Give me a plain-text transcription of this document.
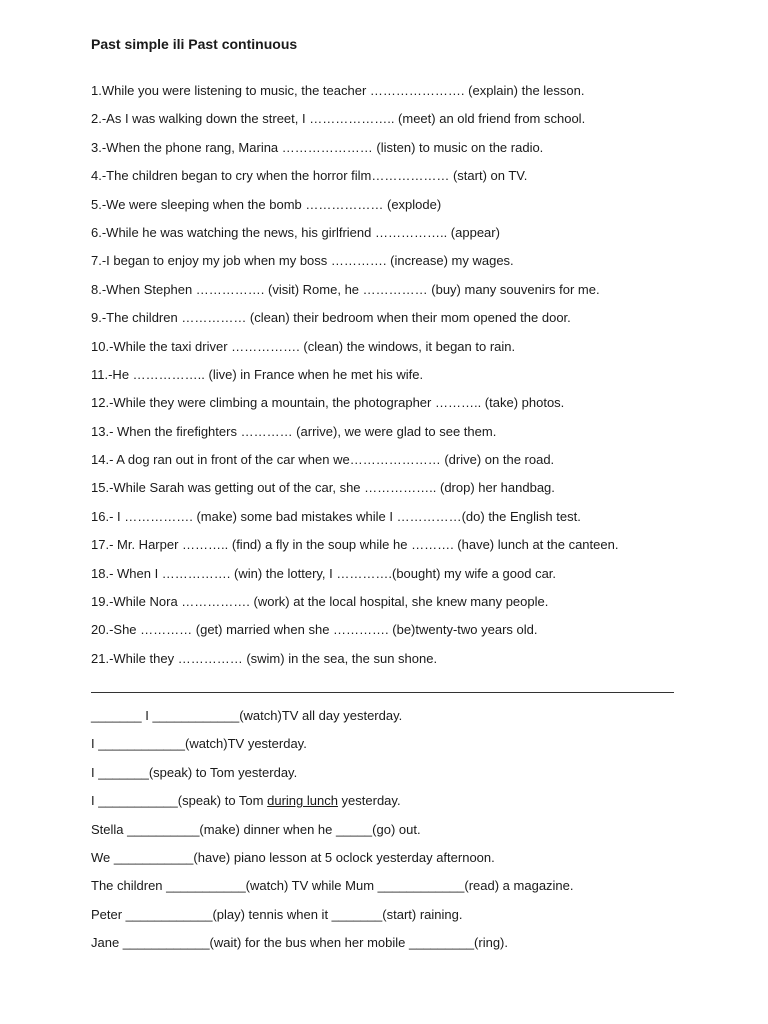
Past simple ili Past continuous
1.While you were listening to music, the teacher …………………. (explain) the lesson.
2.-As I was walking down the street, I ……………….. (meet) an old friend from school.
3.-When the phone rang, Marina ………………… (listen) to music on the radio.
4.-The children began to cry when the horror film……………… (start) on TV.
5.-We were sleeping when the bomb ……………… (explode)
6.-While he was watching the news, his girlfriend …………….. (appear)
7.-I began to enjoy my job when my boss …………. (increase) my wages.
8.-When Stephen ……………. (visit) Rome, he …………… (buy) many souvenirs for me.
9.-The children …………… (clean) their bedroom when their mom opened the door.
10.-While the taxi driver ……………. (clean) the windows, it began to rain.
11.-He …………….. (live) in France when he met his wife.
12.-While they were climbing a mountain, the photographer ……….. (take) photos.
13.- When the firefighters ………… (arrive), we were glad to see them.
14.- A dog ran out in front of the car when we………………… (drive) on the road.
15.-While Sarah was getting out of the car, she …………….. (drop) her handbag.
16.- I ……………. (make) some bad mistakes while I ……………(do) the English test.
17.- Mr. Harper ……….. (find) a fly in the soup while he ………. (have) lunch at the canteen.
18.- When I ……………. (win) the lottery, I ………….(bought) my wife a good car.
19.-While Nora ……………. (work) at the local hospital, she knew many people.
20.-She ………… (get) married when she …………. (be)twenty-two years old.
21.-While they …………… (swim) in the sea, the sun shone.
_______ I ____________(watch)TV all day yesterday.
I ____________(watch)TV yesterday.
I _______(speak) to Tom yesterday.
I ___________(speak) to Tom during lunch yesterday.
Stella __________(make) dinner when he _____(go) out.
We ___________(have) piano lesson at 5 oclock yesterday afternoon.
The children ___________(watch) TV while Mum ____________(read) a magazine.
Peter ____________(play) tennis when it _______(start) raining.
Jane ____________(wait) for the bus when her mobile _________(ring).
